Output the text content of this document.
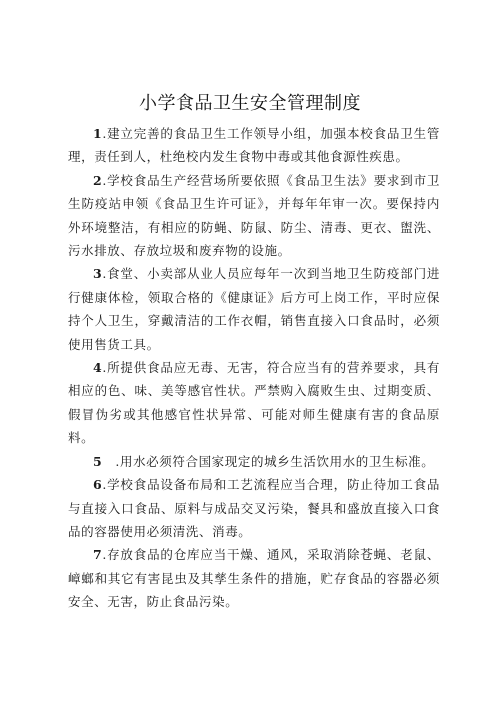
小学食品卫生安全管理制度

1.建立完善的食品卫生工作领导小组，加强本校食品卫生管理，责任到人，杜绝校内发生食物中毒或其他食源性疾患。

2.学校食品生产经营场所要依照《食品卫生法》要求到市卫生防疫站申领《食品卫生许可证》，并每年年审一次。要保持内外环境整洁，有相应的防蝇、防鼠、防尘、清毒、更衣、盥洗、污水排放、存放垃圾和废弃物的设施。

3.食堂、小卖部从业人员应每年一次到当地卫生防疫部门进行健康体检，领取合格的《健康证》后方可上岗工作，平时应保持个人卫生，穿戴清洁的工作衣帽，销售直接入口食品时，必须使用售货工具。

4.所提供食品应无毒、无害，符合应当有的营养要求，具有相应的色、味、美等感官性状。严禁购入腐败生虫、过期变质、假冒伪劣或其他感官性状异常、可能对师生健康有害的食品原料。

5　.用水必须符合国家现定的城乡生活饮用水的卫生标准。

6.学校食品设备布局和工艺流程应当合理，防止待加工食品与直接入口食品、原料与成品交叉污染，餐具和盛放直接入口食品的容器使用必须清洗、消毒。

7.存放食品的仓库应当干燥、通风，采取消除苍蝇、老鼠、嶂螂和其它有害昆虫及其孳生条件的措施，贮存食品的容器必须安全、无害，防止食品污染。
